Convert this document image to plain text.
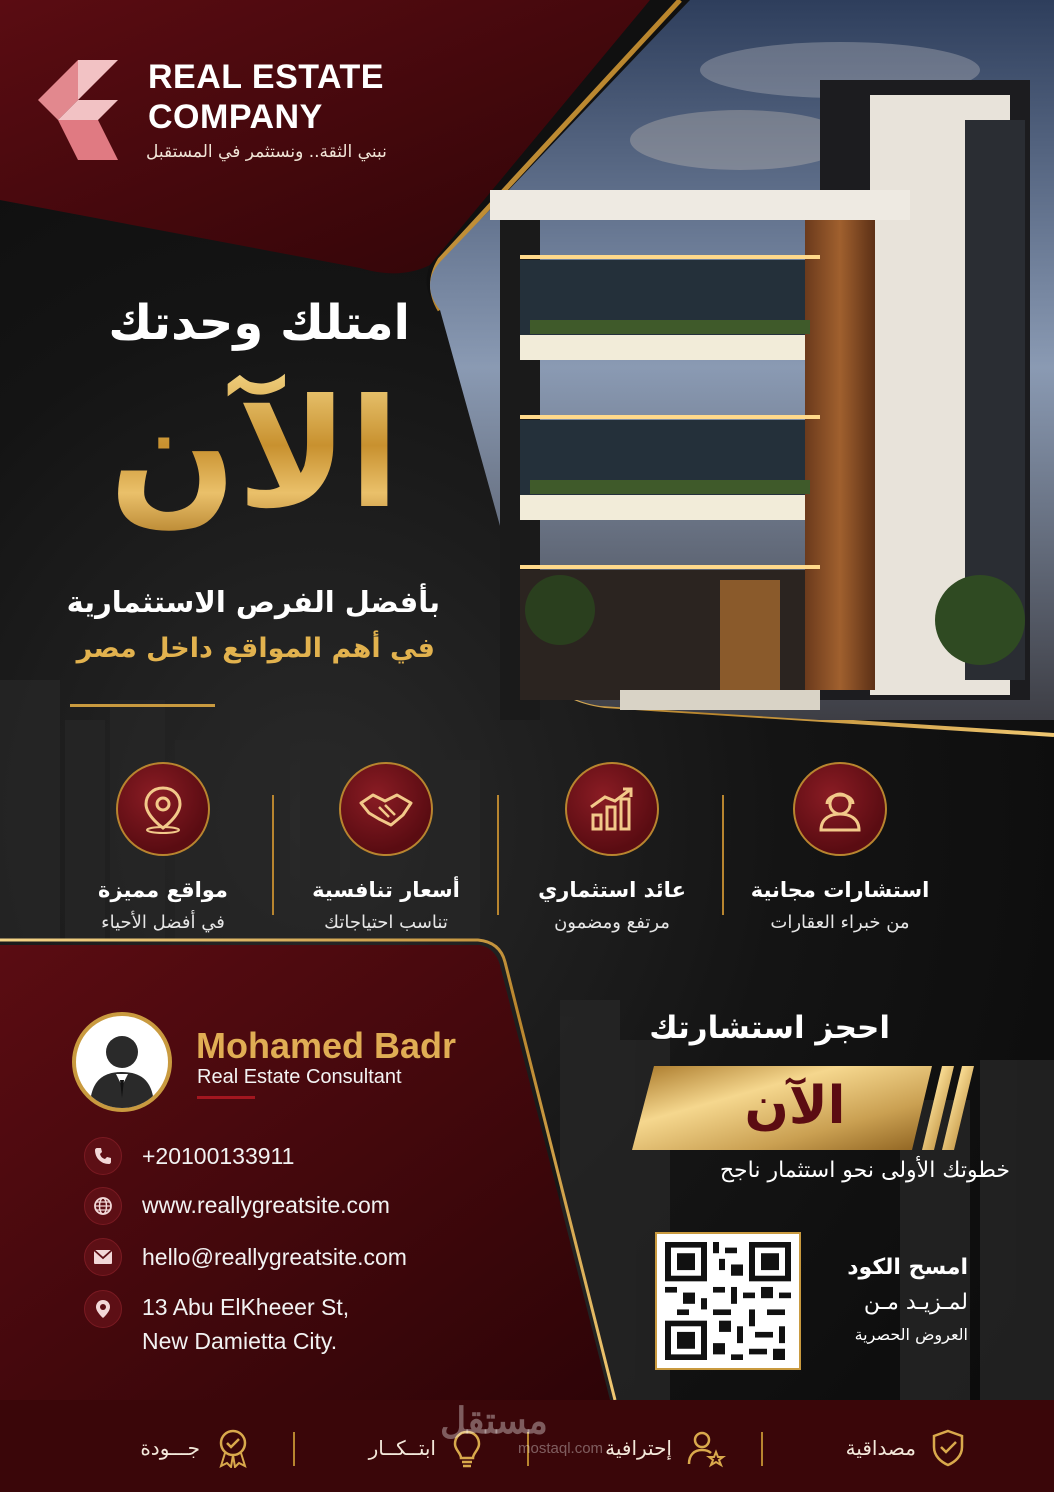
REAL ESTATE
COMPANY
نبني الثقة.. ونستثمر في المستقبل
امتلك وحدتك
الآن
بأفضل الفرص الاستثمارية
في أهم المواقع داخل مصر
مواقع مميزة
في أفضل الأحياء
أسعار تنافسية
تناسب احتياجاتك
عائد استثماري
مرتفع ومضمون
استشارات مجانية
من خبراء العقارات
Mohamed Badr
Real Estate Consultant
+20100133911
www.reallygreatsite.com
hello@reallygreatsite.com
13 Abu ElKheeer St,
New Damietta City.
احجز استشارتك
الآن
خطوتك الأولى نحو استثمار ناجح
امسح الكود
لمـزيـد مـن
العروض الحصرية
جـــودة	ابتــكــار	إحترافية	مصداقية
مستقل
mostaql.com
